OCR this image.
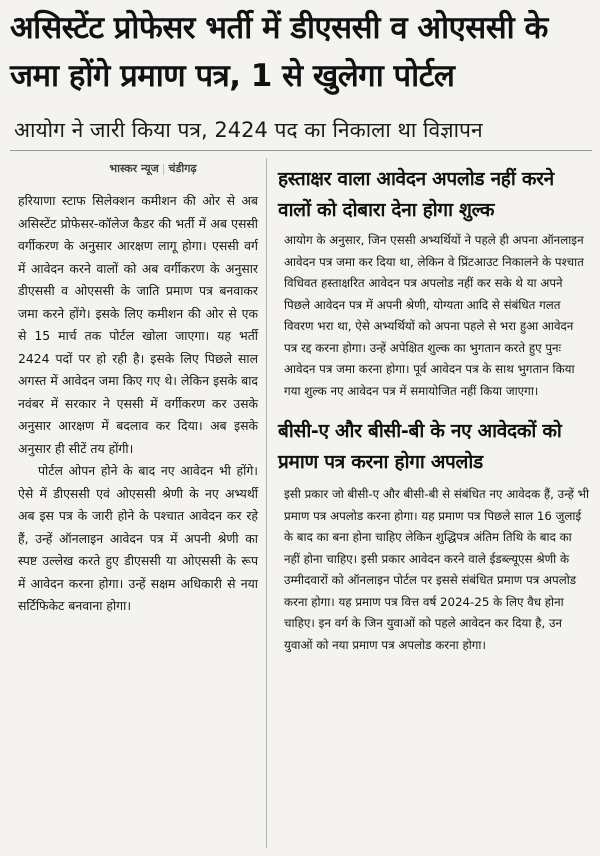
असिस्टेंट प्रोफेसर भर्ती में डीएससी व ओएससी के जमा होंगे प्रमाण पत्र, 1 से खुलेगा पोर्टल
आयोग ने जारी किया पत्र, 2424 पद का निकाला था विज्ञापन
भास्कर न्यूज | चंडीगढ़

हरियाणा स्टाफ सिलेक्शन कमीशन की ओर से अब असिस्टेंट प्रोफेसर-कॉलेज कैडर की भर्ती में अब एससी वर्गीकरण के अनुसार आरक्षण लागू होगा। एससी वर्ग में आवेदन करने वालों को अब वर्गीकरण के अनुसार डीएससी व ओएससी के जाति प्रमाण पत्र बनवाकर जमा करने होंगे। इसके लिए कमीशन की ओर से एक से 15 मार्च तक पोर्टल खोला जाएगा। यह भर्ती 2424 पदों पर हो रही है। इसके लिए पिछले साल अगस्त में आवेदन जमा किए गए थे। लेकिन इसके बाद नवंबर में सरकार ने एससी में वर्गीकरण कर उसके अनुसार आरक्षण में बदलाव कर दिया। अब इसके अनुसार ही सीटें तय होंगी।

पोर्टल ओपन होने के बाद नए आवेदन भी होंगे। ऐसे में डीएससी एवं ओएससी श्रेणी के नए अभ्यर्थी अब इस पत्र के जारी होने के पश्चात आवेदन कर रहे हैं, उन्हें ऑनलाइन आवेदन पत्र में अपनी श्रेणी का स्पष्ट उल्लेख करते हुए डीएससी या ओएससी के रूप में आवेदन करना होगा। उन्हें सक्षम अधिकारी से नया सर्टिफिकेट बनवाना होगा।

हस्ताक्षर वाला आवेदन अपलोड नहीं करने वालों को दोबारा देना होगा शुल्क

आयोग के अनुसार, जिन एससी अभ्यर्थियों ने पहले ही अपना ऑनलाइन आवेदन पत्र जमा कर दिया था, लेकिन वे प्रिंटआउट निकालने के पश्चात विधिवत हस्ताक्षरित आवेदन पत्र अपलोड नहीं कर सके थे या अपने पिछले आवेदन पत्र में अपनी श्रेणी, योग्यता आदि से संबंधित गलत विवरण भरा था, ऐसे अभ्यर्थियों को अपना पहले से भरा हुआ आवेदन पत्र रद्द करना होगा। उन्हें अपेक्षित शुल्क का भुगतान करते हुए पुनः आवेदन पत्र जमा करना होगा। पूर्व आवेदन पत्र के साथ भुगतान किया गया शुल्क नए आवेदन पत्र में समायोजित नहीं किया जाएगा।

बीसी-ए और बीसी-बी के नए आवेदकों को प्रमाण पत्र करना होगा अपलोड

इसी प्रकार जो बीसी-ए और बीसी-बी से संबंधित नए आवेदक हैं, उन्हें भी प्रमाण पत्र अपलोड करना होगा। यह प्रमाण पत्र पिछले साल 16 जुलाई के बाद का बना होना चाहिए लेकिन शुद्धिपत्र अंतिम तिथि के बाद का नहीं होना चाहिए। इसी प्रकार आवेदन करने वाले ईडब्ल्यूएस श्रेणी के उम्मीदवारों को ऑनलाइन पोर्टल पर इससे संबंधित प्रमाण पत्र अपलोड करना होगा। यह प्रमाण पत्र वित्त वर्ष 2024-25 के लिए वैध होना चाहिए। इन वर्ग के जिन युवाओं को पहले आवेदन कर दिया है, उन युवाओं को नया प्रमाण पत्र अपलोड करना होगा।
